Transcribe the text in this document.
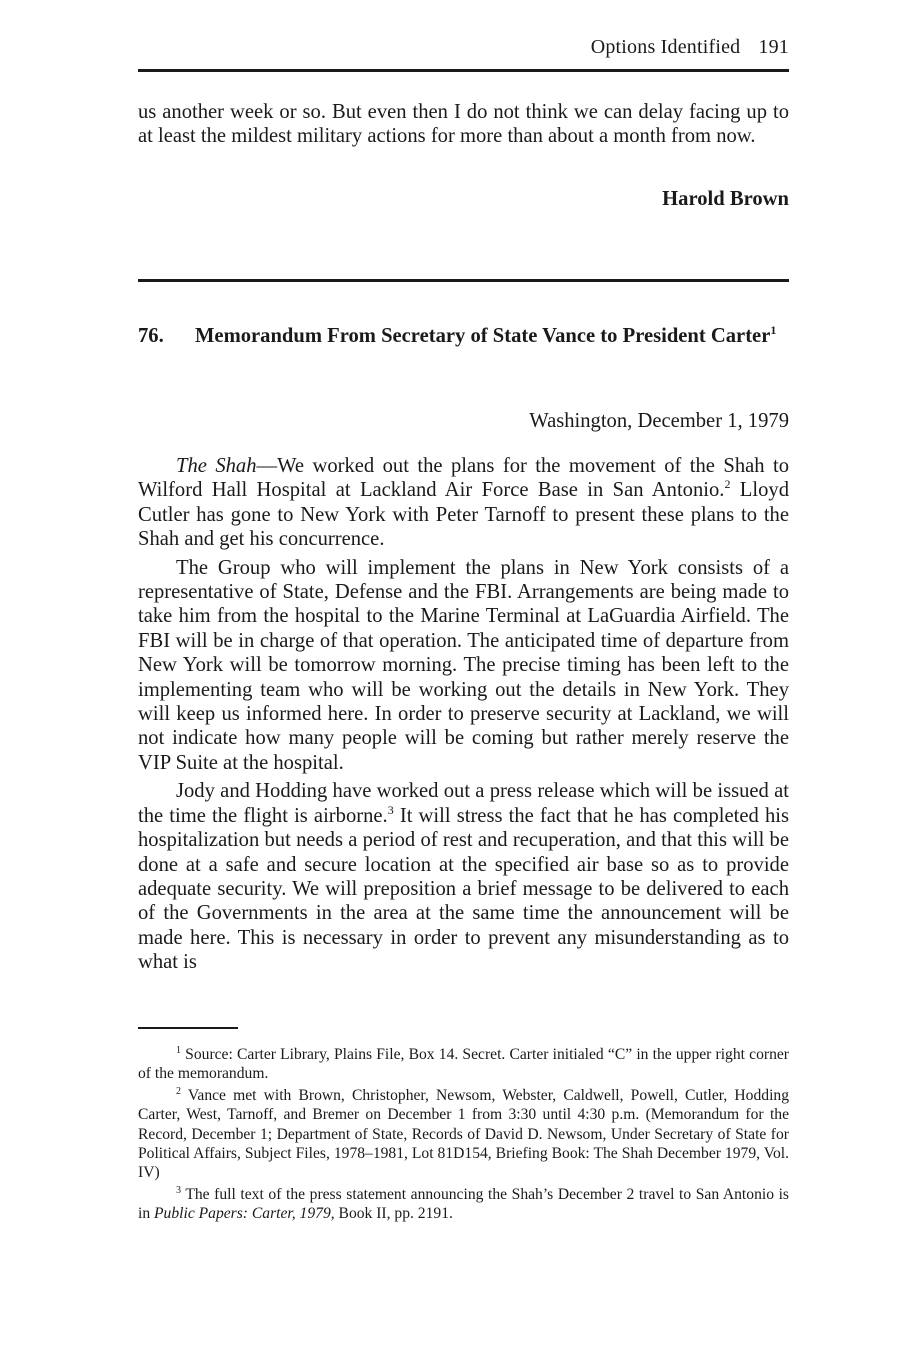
Options Identified 191

us another week or so. But even then I do not think we can delay facing up to at least the mildest military actions for more than about a month from now.

Harold Brown
76. Memorandum From Secretary of State Vance to President Carter$^1$
Washington, December 1, 1979

The Shah—We worked out the plans for the movement of the Shah to Wilford Hall Hospital at Lackland Air Force Base in San Antonio.$^2$ Lloyd Cutler has gone to New York with Peter Tarnoff to present these plans to the Shah and get his concurrence.

The Group who will implement the plans in New York consists of a representative of State, Defense and the FBI. Arrangements are being made to take him from the hospital to the Marine Terminal at LaGuardia Airfield. The FBI will be in charge of that operation. The anticipated time of departure from New York will be tomorrow morning. The precise timing has been left to the implementing team who will be working out the details in New York. They will keep us informed here. In order to preserve security at Lackland, we will not indicate how many people will be coming but rather merely reserve the VIP Suite at the hospital.

Jody and Hodding have worked out a press release which will be issued at the time the flight is airborne.$^3$ It will stress the fact that he has completed his hospitalization but needs a period of rest and recuperation, and that this will be done at a safe and secure location at the specified air base so as to provide adequate security. We will preposition a brief message to be delivered to each of the Governments in the area at the same time the announcement will be made here. This is necessary in order to prevent any misunderstanding as to what is

$^1$ Source: Carter Library, Plains File, Box 14. Secret. Carter initialed “C” in the upper right corner of the memorandum.

$^2$ Vance met with Brown, Christopher, Newsom, Webster, Caldwell, Powell, Cutler, Hodding Carter, West, Tarnoff, and Bremer on December 1 from 3:30 until 4:30 p.m. (Memorandum for the Record, December 1; Department of State, Records of David D. Newsom, Under Secretary of State for Political Affairs, Subject Files, 1978–1981, Lot 81D154, Briefing Book: The Shah December 1979, Vol. IV)

$^3$ The full text of the press statement announcing the Shah’s December 2 travel to San Antonio is in Public Papers: Carter, 1979, Book II, pp. 2191.
